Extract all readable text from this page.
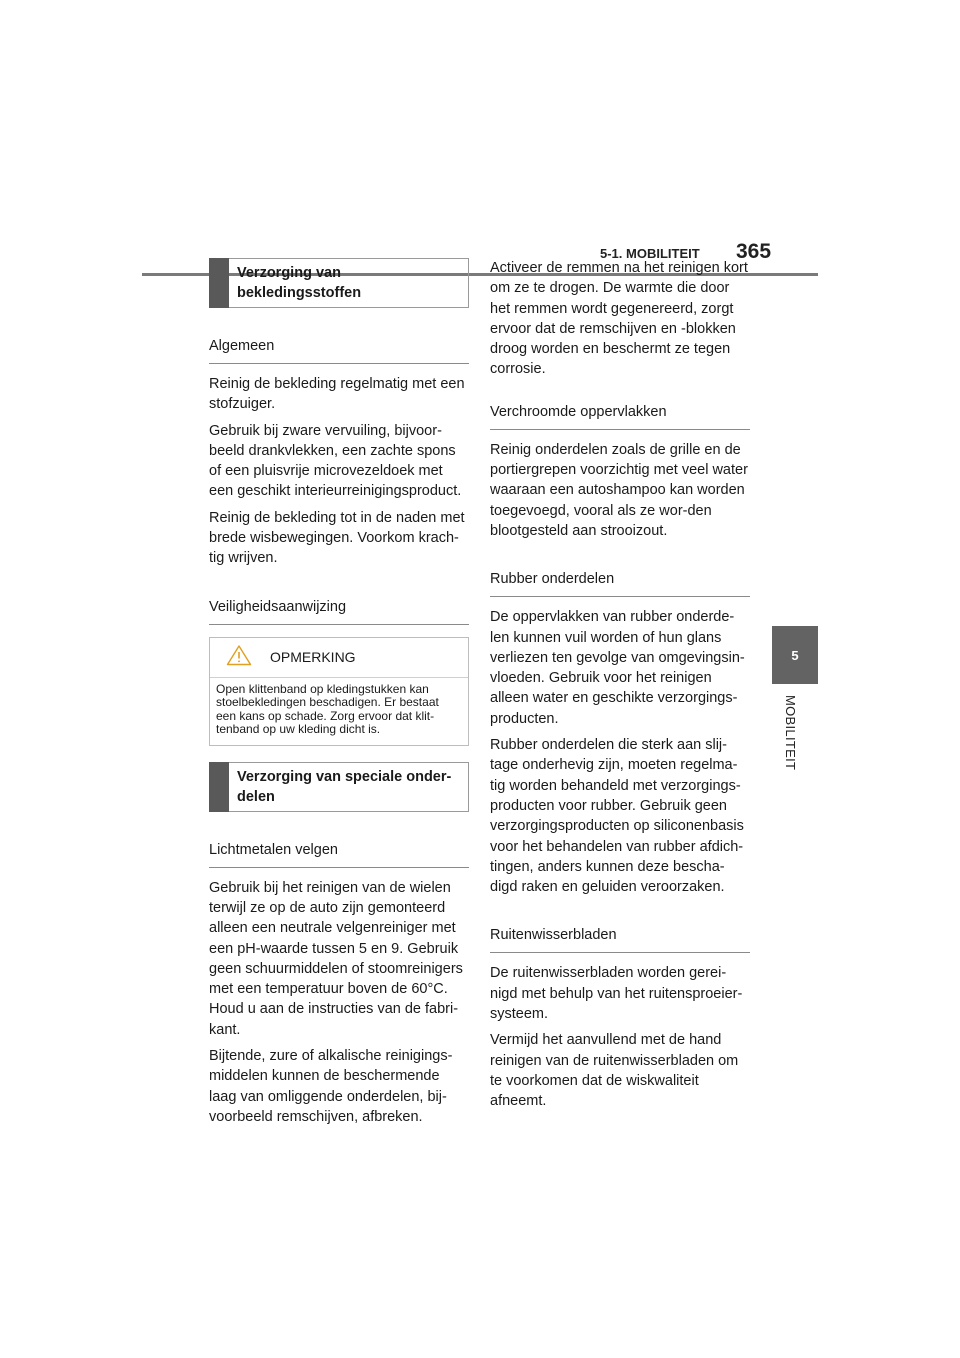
5-1. MOBILITEIT 365
5
MOBILITEIT
Verzorging van bekledingsstoffen
Algemeen

Reinig de bekleding regelmatig met een stofzuiger.

Gebruik bij zware vervuiling, bijvoor-beeld drankvlekken, een zachte spons of een pluisvrije microvezeldoek met een geschikt interieurreinigingsproduct.

Reinig de bekleding tot in de naden met brede wisbewegingen. Voorkom krach-tig wrijven.

Veiligheidsaanwijzing
OPMERKING
Open klittenband op kledingstukken kan stoelbekledingen beschadigen. Er bestaat een kans op schade. Zorg ervoor dat klit-tenband op uw kleding dicht is.
Verzorging van speciale onder-delen
Lichtmetalen velgen

Gebruik bij het reinigen van de wielen terwijl ze op de auto zijn gemonteerd alleen een neutrale velgenreiniger met een pH-waarde tussen 5 en 9. Gebruik geen schuurmiddelen of stoomreinigers met een temperatuur boven de 60°C. Houd u aan de instructies van de fabri-kant.

Bijtende, zure of alkalische reinigings-middelen kunnen de beschermende laag van omliggende onderdelen, bij-voorbeeld remschijven, afbreken.

Activeer de remmen na het reinigen kort om ze te drogen. De warmte die door het remmen wordt gegenereerd, zorgt ervoor dat de remschijven en -blokken droog worden en beschermt ze tegen corrosie.

Verchroomde oppervlakken

Reinig onderdelen zoals de grille en de portiergrepen voorzichtig met veel water waaraan een autoshampoo kan worden toegevoegd, vooral als ze wor-den blootgesteld aan strooizout.

Rubber onderdelen

De oppervlakken van rubber onderde-len kunnen vuil worden of hun glans verliezen ten gevolge van omgevingsin-vloeden. Gebruik voor het reinigen alleen water en geschikte verzorgings-producten.

Rubber onderdelen die sterk aan slij-tage onderhevig zijn, moeten regelma-tig worden behandeld met verzorgings-producten voor rubber. Gebruik geen verzorgingsproducten op siliconenbasis voor het behandelen van rubber afdich-tingen, anders kunnen deze bescha-digd raken en geluiden veroorzaken.

Ruitenwisserbladen

De ruitenwisserbladen worden gerei-nigd met behulp van het ruitensproeier-systeem.

Vermijd het aanvullend met de hand reinigen van de ruitenwisserbladen om te voorkomen dat de wiskwaliteit afneemt.
